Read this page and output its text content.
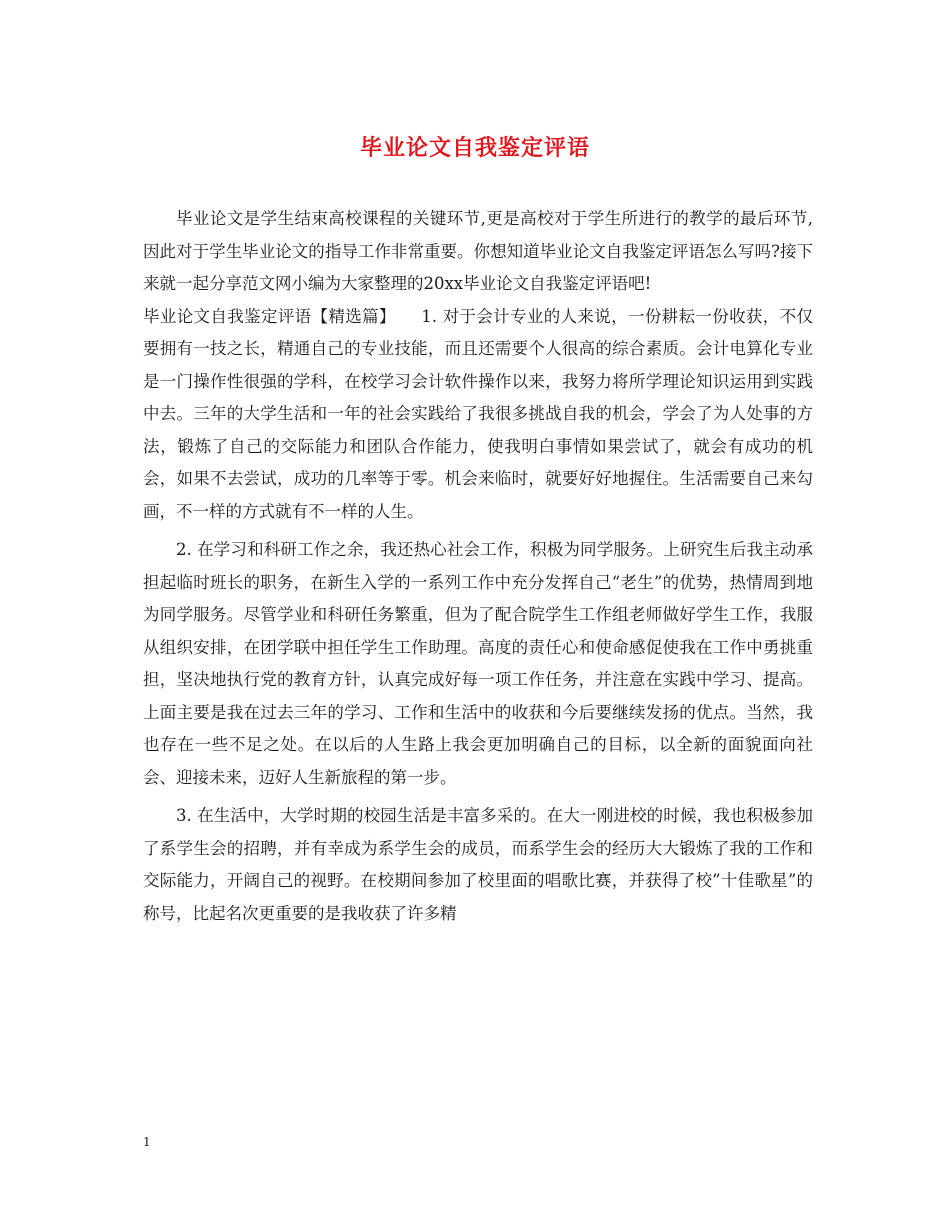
毕业论文自我鉴定评语

毕业论文是学生结束高校课程的关键环节,更是高校对于学生所进行的教学的最后环节,因此对于学生毕业论文的指导工作非常重要。你想知道毕业论文自我鉴定评语怎么写吗?接下来就一起分享范文网小编为大家整理的20xx毕业论文自我鉴定评语吧!

毕业论文自我鉴定评语【精选篇】　　1. 对于会计专业的人来说，一份耕耘一份收获，不仅要拥有一技之长，精通自己的专业技能，而且还需要个人很高的综合素质。会计电算化专业是一门操作性很强的学科，在校学习会计软件操作以来，我努力将所学理论知识运用到实践中去。三年的大学生活和一年的社会实践给了我很多挑战自我的机会，学会了为人处事的方法，锻炼了自己的交际能力和团队合作能力，使我明白事情如果尝试了，就会有成功的机会，如果不去尝试，成功的几率等于零。机会来临时，就要好好地握住。生活需要自己来勾画，不一样的方式就有不一样的人生。

2. 在学习和科研工作之余，我还热心社会工作，积极为同学服务。上研究生后我主动承担起临时班长的职务，在新生入学的一系列工作中充分发挥自己“老生”的优势，热情周到地为同学服务。尽管学业和科研任务繁重，但为了配合院学生工作组老师做好学生工作，我服从组织安排，在团学联中担任学生工作助理。高度的责任心和使命感促使我在工作中勇挑重担，坚决地执行党的教育方针，认真完成好每一项工作任务，并注意在实践中学习、提高。上面主要是我在过去三年的学习、工作和生活中的收获和今后要继续发扬的优点。当然，我也存在一些不足之处。在以后的人生路上我会更加明确自己的目标，以全新的面貌面向社会、迎接未来，迈好人生新旅程的第一步。

3. 在生活中，大学时期的校园生活是丰富多采的。在大一刚进校的时候，我也积极参加了系学生会的招聘，并有幸成为系学生会的成员，而系学生会的经历大大锻炼了我的工作和交际能力，开阔自己的视野。在校期间参加了校里面的唱歌比赛，并获得了校”十佳歌星”的称号，比起名次更重要的是我收获了许多精

1
